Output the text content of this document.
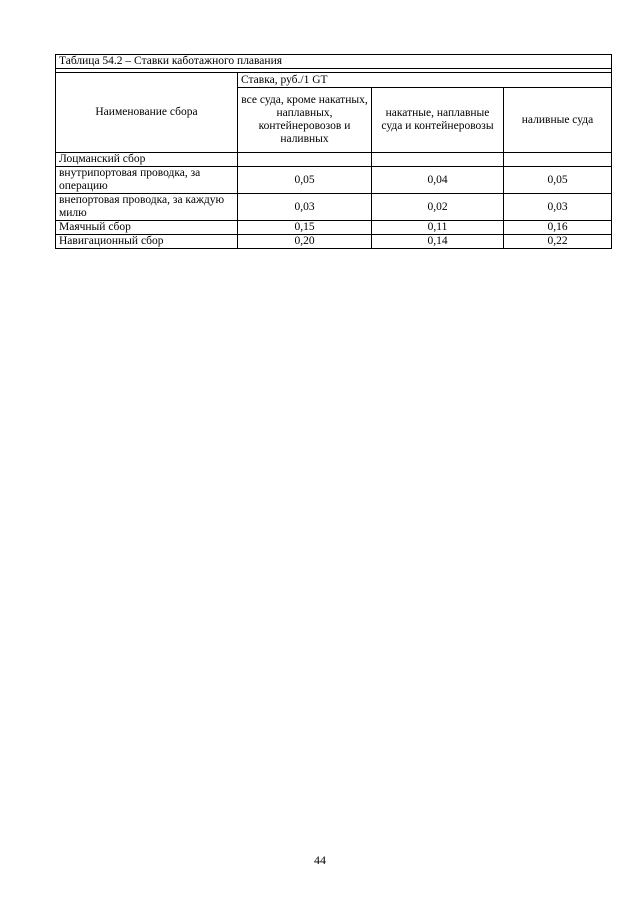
Таблица 54.2 – Ставки каботажного плавания			

Наименование сбора	Ставка, руб./1 GT		
	все суда, кроме накатных, наплавных, контейнеровозов и наливных	накатные, наплавные суда и контейнеровозы	наливные суда
Лоцманский сбор			
внутрипортовая проводка, за операцию	0,05	0,04	0,05
внепортовая проводка, за каждую милю	0,03	0,02	0,03
Маячный сбор	0,15	0,11	0,16
Навигационный сбор	0,20	0,14	0,22
44
